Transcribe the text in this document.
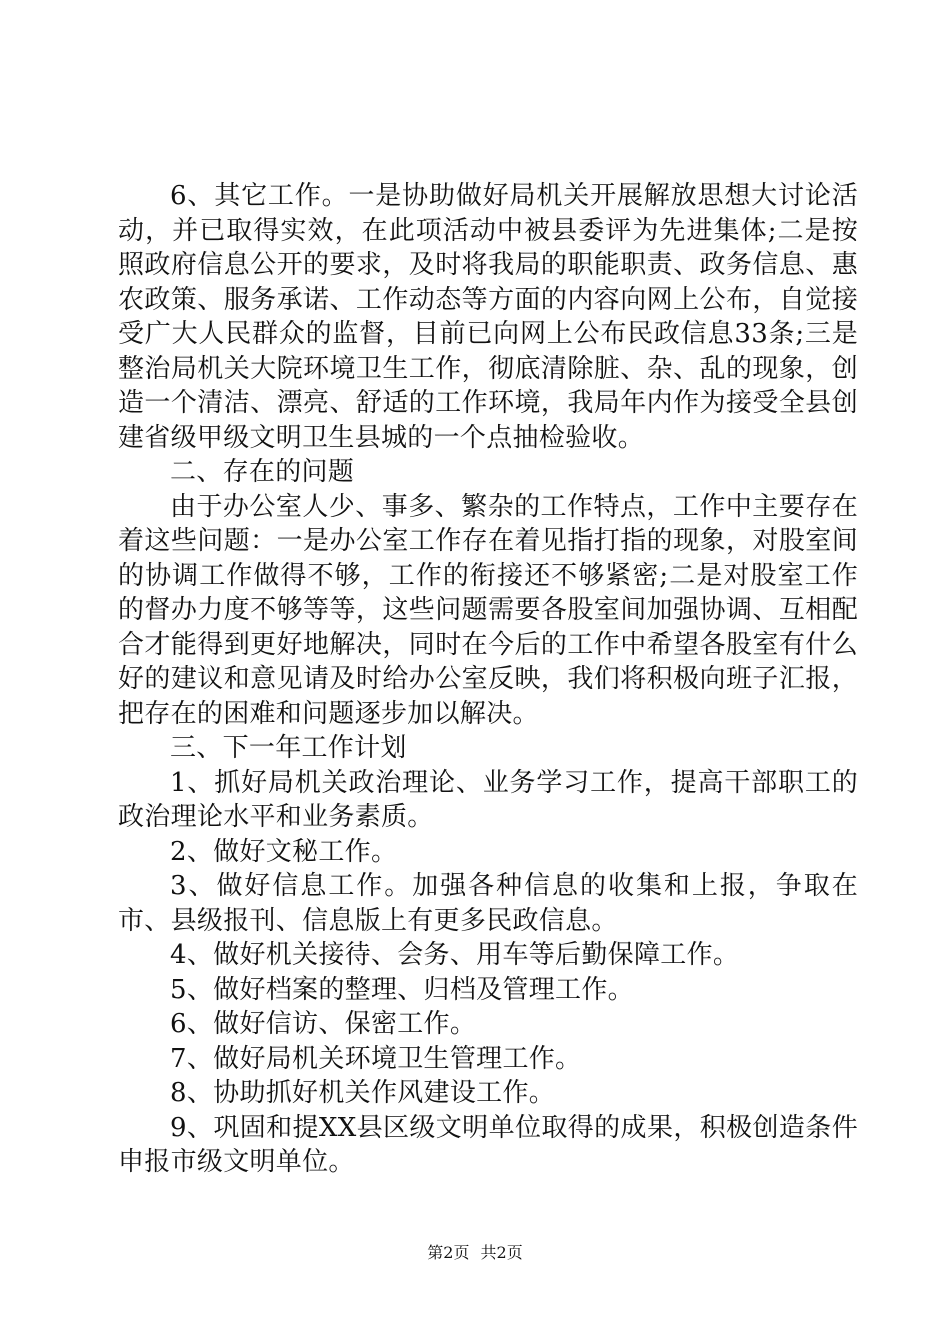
6、其它工作。一是协助做好局机关开展解放思想大讨论活动，并已取得实效，在此项活动中被县委评为先进集体;二是按照政府信息公开的要求，及时将我局的职能职责、政务信息、惠农政策、服务承诺、工作动态等方面的内容向网上公布，自觉接受广大人民群众的监督，目前已向网上公布民政信息33条;三是整治局机关大院环境卫生工作，彻底清除脏、杂、乱的现象，创造一个清洁、漂亮、舒适的工作环境，我局年内作为接受全县创建省级甲级文明卫生县城的一个点抽检验收。

二、存在的问题

由于办公室人少、事多、繁杂的工作特点，工作中主要存在着这些问题：一是办公室工作存在着见指打指的现象，对股室间的协调工作做得不够，工作的衔接还不够紧密;二是对股室工作的督办力度不够等等，这些问题需要各股室间加强协调、互相配合才能得到更好地解决，同时在今后的工作中希望各股室有什么好的建议和意见请及时给办公室反映，我们将积极向班子汇报，把存在的困难和问题逐步加以解决。

三、下一年工作计划

1、抓好局机关政治理论、业务学习工作，提高干部职工的政治理论水平和业务素质。

2、做好文秘工作。

3、做好信息工作。加强各种信息的收集和上报，争取在市、县级报刊、信息版上有更多民政信息。

4、做好机关接待、会务、用车等后勤保障工作。

5、做好档案的整理、归档及管理工作。

6、做好信访、保密工作。

7、做好局机关环境卫生管理工作。

8、协助抓好机关作风建设工作。

9、巩固和提XX县区级文明单位取得的成果，积极创造条件申报市级文明单位。

第2页 共2页
